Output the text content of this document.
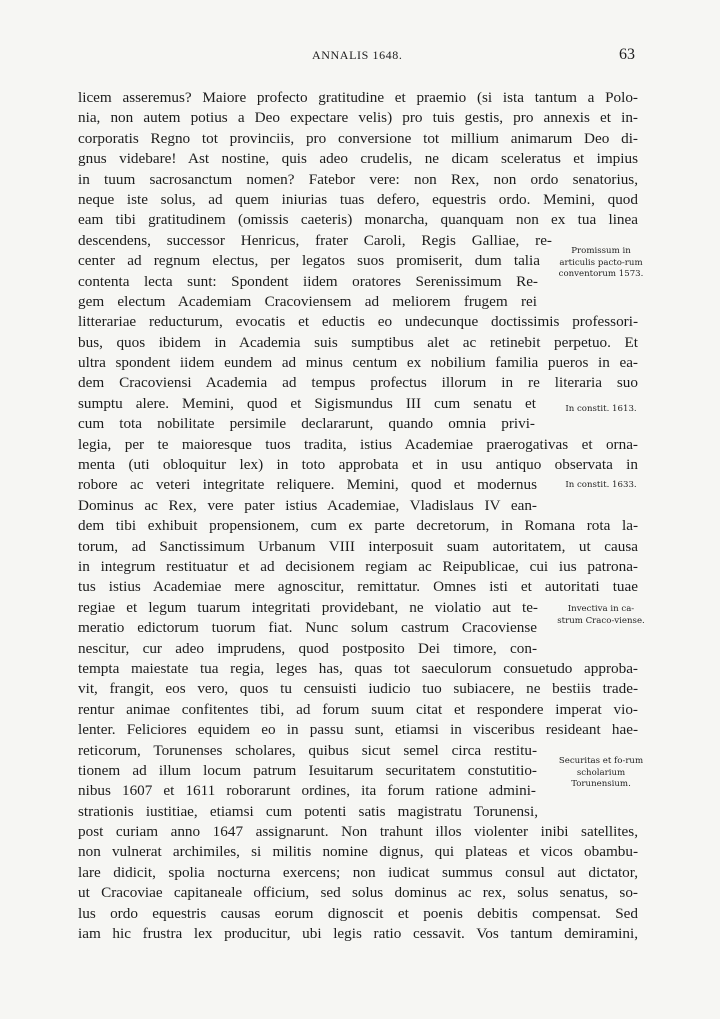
ANNALIS 1648.	63
licem asseremus? Maiore profecto gratitudine et praemio (si ista tantum a Polo-
nia, non autem potius a Deo expectare velis) pro tuis gestis, pro annexis et in-
corporatis Regno tot provinciis, pro conversione tot millium animarum Deo di-
gnus videbare! Ast nostine, quis adeo crudelis, ne dicam sceleratus et impius
in tuum sacrosanctum nomen? Fatebor vere: non Rex, non ordo senatorius,
neque iste solus, ad quem iniurias tuas defero, equestris ordo. Memini, quod
eam tibi gratitudinem (omissis caeteris) monarcha, quanquam non ex tua linea
descendens, successor Henricus, frater Caroli, Regis Galliae, re-
center ad regnum electus, per legatos suos promiserit, dum talia
contenta lecta sunt: Spondent iidem oratores Serenissimum Re-
gem electum Academiam Cracoviensem ad meliorem frugem rei
litterariae reducturum, evocatis et eductis eo undecunque doctissimis professori-
bus, quos ibidem in Academia suis sumptibus alet ac retinebit perpetuo. Et
ultra spondent iidem eundem ad minus centum ex nobilium familia pueros in ea-
dem Cracoviensi Academia ad tempus profectus illorum in re literaria suo
sumptu alere. Memini, quod et Sigismundus III cum senatu et
cum tota nobilitate persimile declararunt, quando omnia privi-
legia, per te maioresque tuos tradita, istius Academiae praerogativas et orna-
menta (uti obloquitur lex) in toto approbata et in usu antiquo observata in
robore ac veteri integritate reliquere. Memini, quod et modernus
Dominus ac Rex, vere pater istius Academiae, Vladislaus IV ean-
dem tibi exhibuit propensionem, cum ex parte decretorum, in Romana rota la-
torum, ad Sanctissimum Urbanum VIII interposuit suam autoritatem, ut causa
in integrum restituatur et ad decisionem regiam ac Reipublicae, cui ius patrona-
tus istius Academiae mere agnoscitur, remittatur. Omnes isti et autoritati tuae
regiae et legum tuarum integritati providebant, ne violatio aut te-
meratio edictorum tuorum fiat. Nunc solum castrum Cracoviense
nescitur, cur adeo imprudens, quod postposito Dei timore, con-
tempta maiestate tua regia, leges has, quas tot saeculorum consuetudo approba-
vit, frangit, eos vero, quos tu censuisti iudicio tuo subiacere, ne bestiis trade-
rentur animae confitentes tibi, ad forum suum citat et respondere imperat vio-
lenter. Feliciores equidem eo in passu sunt, etiamsi in visceribus resideant hae-
reticorum, Torunenses scholares, quibus sicut semel circa restitu-
tionem ad illum locum patrum Iesuitarum securitatem constutitio-
nibus 1607 et 1611 roborarunt ordines, ita forum ratione admini-
strationis iustitiae, etiamsi cum potenti satis magistratu Torunensi,
post curiam anno 1647 assignarunt. Non trahunt illos violenter inibi satellites,
non vulnerat archimiles, si militis nomine dignus, qui plateas et vicos obambu-
lare didicit, spolia nocturna exercens; non iudicat summus consul aut dictator,
ut Cracoviae capitaneale officium, sed solus dominus ac rex, solus senatus, so-
lus ordo equestris causas eorum dignoscit et poenis debitis compensat. Sed
iam hic frustra lex producitur, ubi legis ratio cessavit. Vos tantum demiramini,
Promissum in articulis pacto-rum conventorum 1573.
In constit. 1613.
In constit. 1633.
Invectiva in ca-strum Craco-viense.
Securitas et fo-rum scholarium Torunensium.
